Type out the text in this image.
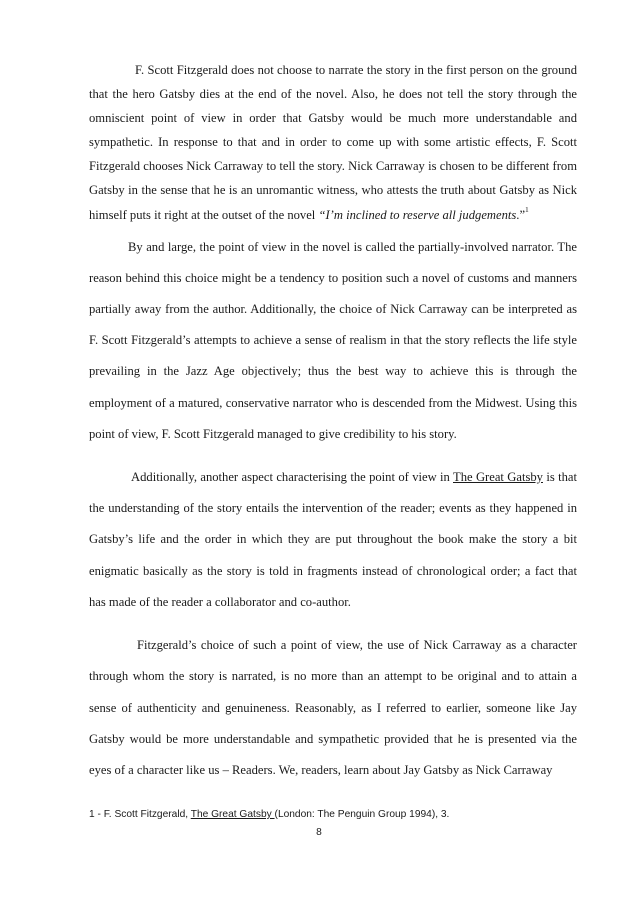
F. Scott Fitzgerald does not choose to narrate the story in the first person on the ground that the hero Gatsby dies at the end of the novel. Also, he does not tell the story through the omniscient point of view in order that Gatsby would be much more understandable and sympathetic. In response to that and in order to come up with some artistic effects, F. Scott Fitzgerald chooses Nick Carraway to tell the story. Nick Carraway is chosen to be different from Gatsby in the sense that he is an unromantic witness, who attests the truth about Gatsby as Nick himself puts it right at the outset of the novel “I’m inclined to reserve all judgements.”$^1$

By and large, the point of view in the novel is called the partially-involved narrator. The reason behind this choice might be a tendency to position such a novel of customs and manners partially away from the author. Additionally, the choice of Nick Carraway can be interpreted as F. Scott Fitzgerald’s attempts to achieve a sense of realism in that the story reflects the life style prevailing in the Jazz Age objectively; thus the best way to achieve this is through the employment of a matured, conservative narrator who is descended from the Midwest. Using this point of view, F. Scott Fitzgerald managed to give credibility to his story.

Additionally, another aspect characterising the point of view in The Great Gatsby is that the understanding of the story entails the intervention of the reader; events as they happened in Gatsby’s life and the order in which they are put throughout the book make the story a bit enigmatic basically as the story is told in fragments instead of chronological order; a fact that has made of the reader a collaborator and co-author.

Fitzgerald’s choice of such a point of view, the use of Nick Carraway as a character through whom the story is narrated, is no more than an attempt to be original and to attain a sense of authenticity and genuineness. Reasonably, as I referred to earlier, someone like Jay Gatsby would be more understandable and sympathetic provided that he is presented via the eyes of a character like us – Readers. We, readers, learn about Jay Gatsby as Nick Carraway

1 - F. Scott Fitzgerald, The Great Gatsby (London: The Penguin Group 1994), 3.
8
